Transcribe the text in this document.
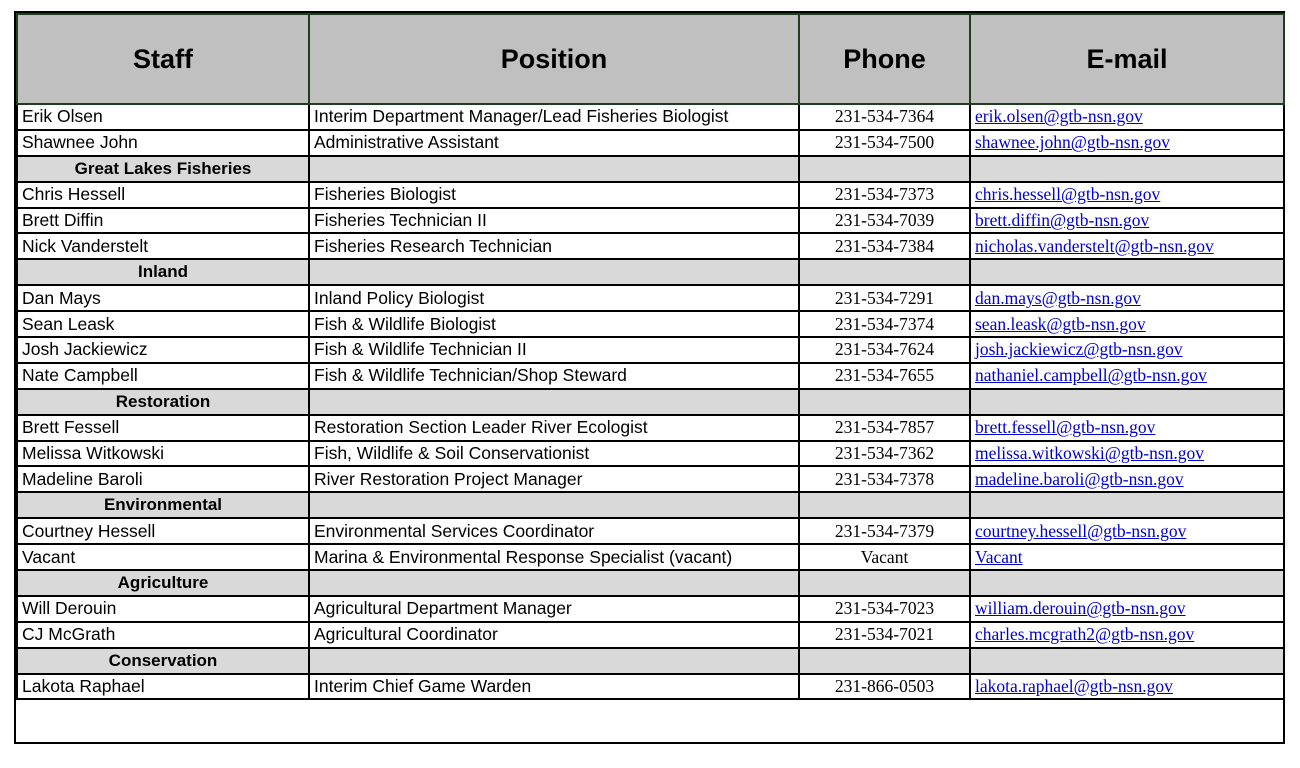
Staff	Position	Phone	E-mail
Erik Olsen	Interim Department Manager/Lead Fisheries Biologist	231-534-7364	erik.olsen@gtb-nsn.gov
Shawnee John	Administrative Assistant	231-534-7500	shawnee.john@gtb-nsn.gov
Great Lakes Fisheries			
Chris Hessell	Fisheries Biologist	231-534-7373	chris.hessell@gtb-nsn.gov
Brett Diffin	Fisheries Technician II	231-534-7039	brett.diffin@gtb-nsn.gov
Nick Vanderstelt	Fisheries Research Technician	231-534-7384	nicholas.vanderstelt@gtb-nsn.gov
Inland			
Dan Mays	Inland Policy Biologist	231-534-7291	dan.mays@gtb-nsn.gov
Sean Leask	Fish & Wildlife Biologist	231-534-7374	sean.leask@gtb-nsn.gov
Josh Jackiewicz	Fish & Wildlife Technician II	231-534-7624	josh.jackiewicz@gtb-nsn.gov
Nate Campbell	Fish & Wildlife Technician/Shop Steward	231-534-7655	nathaniel.campbell@gtb-nsn.gov
Restoration			
Brett Fessell	Restoration Section Leader River Ecologist	231-534-7857	brett.fessell@gtb-nsn.gov
Melissa Witkowski	Fish, Wildlife & Soil Conservationist	231-534-7362	melissa.witkowski@gtb-nsn.gov
Madeline Baroli	River Restoration Project Manager	231-534-7378	madeline.baroli@gtb-nsn.gov
Environmental			
Courtney Hessell	Environmental Services Coordinator	231-534-7379	courtney.hessell@gtb-nsn.gov
Vacant	Marina & Environmental Response Specialist (vacant)	Vacant	Vacant
Agriculture			
Will Derouin	Agricultural Department Manager	231-534-7023	william.derouin@gtb-nsn.gov
CJ McGrath	Agricultural Coordinator	231-534-7021	charles.mcgrath2@gtb-nsn.gov
Conservation			
Lakota Raphael	Interim Chief Game Warden	231-866-0503	lakota.raphael@gtb-nsn.gov
